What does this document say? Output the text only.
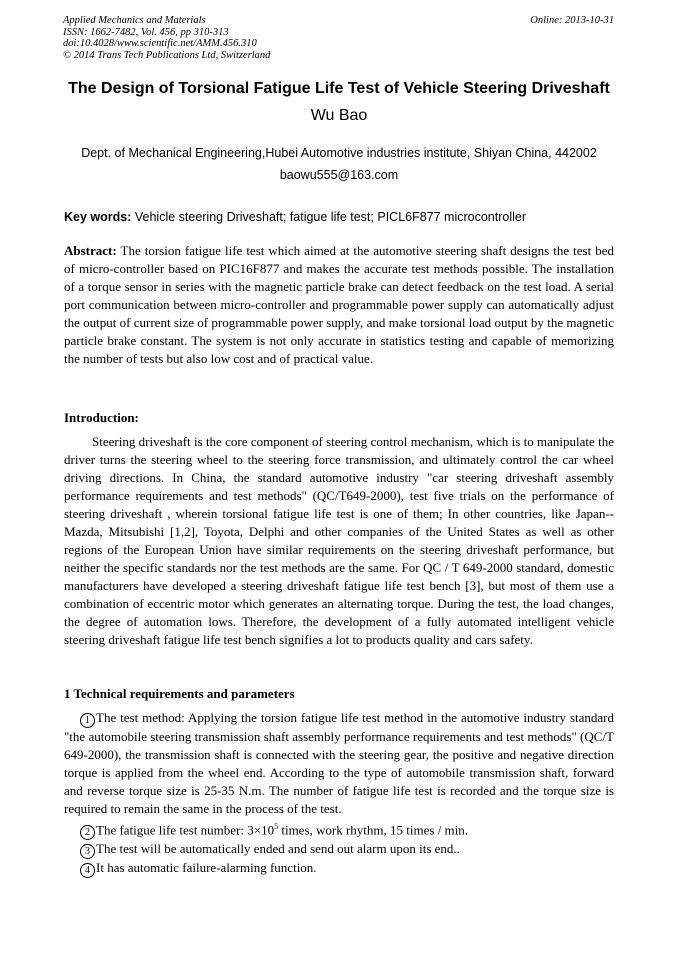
Applied Mechanics and Materials
ISSN: 1662-7482, Vol. 456, pp 310-313
doi:10.4028/www.scientific.net/AMM.456.310
© 2014 Trans Tech Publications Ltd, Switzerland
Online: 2013-10-31
The Design of Torsional Fatigue Life Test of Vehicle Steering Driveshaft
Wu Bao
Dept. of Mechanical Engineering,Hubei Automotive industries institute, Shiyan China, 442002
baowu555@163.com
Key words: Vehicle steering Driveshaft; fatigue life test; PICL6F877 microcontroller
Abstract: The torsion fatigue life test which aimed at the automotive steering shaft designs the test bed of micro-controller based on PIC16F877 and makes the accurate test methods possible. The installation of a torque sensor in series with the magnetic particle brake can detect feedback on the test load. A serial port communication between micro-controller and programmable power supply can automatically adjust the output of current size of programmable power supply, and make torsional load output by the magnetic particle brake constant. The system is not only accurate in statistics testing and capable of memorizing the number of tests but also low cost and of practical value.
Introduction:
Steering driveshaft is the core component of steering control mechanism, which is to manipulate the driver turns the steering wheel to the steering force transmission, and ultimately control the car wheel driving directions. In China, the standard automotive industry "car steering driveshaft assembly performance requirements and test methods" (QC/T649-2000), test five trials on the performance of steering driveshaft , wherein torsional fatigue life test is one of them; In other countries, like Japan--Mazda, Mitsubishi [1,2], Toyota, Delphi and other companies of the United States as well as other regions of the European Union have similar requirements on the steering driveshaft performance, but neither the specific standards nor the test methods are the same. For QC / T 649-2000 standard, domestic manufacturers have developed a steering driveshaft fatigue life test bench [3], but most of them use a combination of eccentric motor which generates an alternating torque. During the test, the load changes, the degree of automation lows. Therefore, the development of a fully automated intelligent vehicle steering driveshaft fatigue life test bench signifies a lot to products quality and cars safety.
1 Technical requirements and parameters
1 The test method: Applying the torsion fatigue life test method in the automotive industry standard "the automobile steering transmission shaft assembly performance requirements and test methods" (QC/T 649-2000), the transmission shaft is connected with the steering gear, the positive and negative direction torque is applied from the wheel end. According to the type of automobile transmission shaft, forward and reverse torque size is 25-35 N.m. The number of fatigue life test is recorded and the torque size is required to remain the same in the process of the test.
2 The fatigue life test number: $3\times 10^5$ times, work rhythm, 15 times / min.
3 The test will be automatically ended and send out alarm upon its end..
4 It has automatic failure-alarming function.
